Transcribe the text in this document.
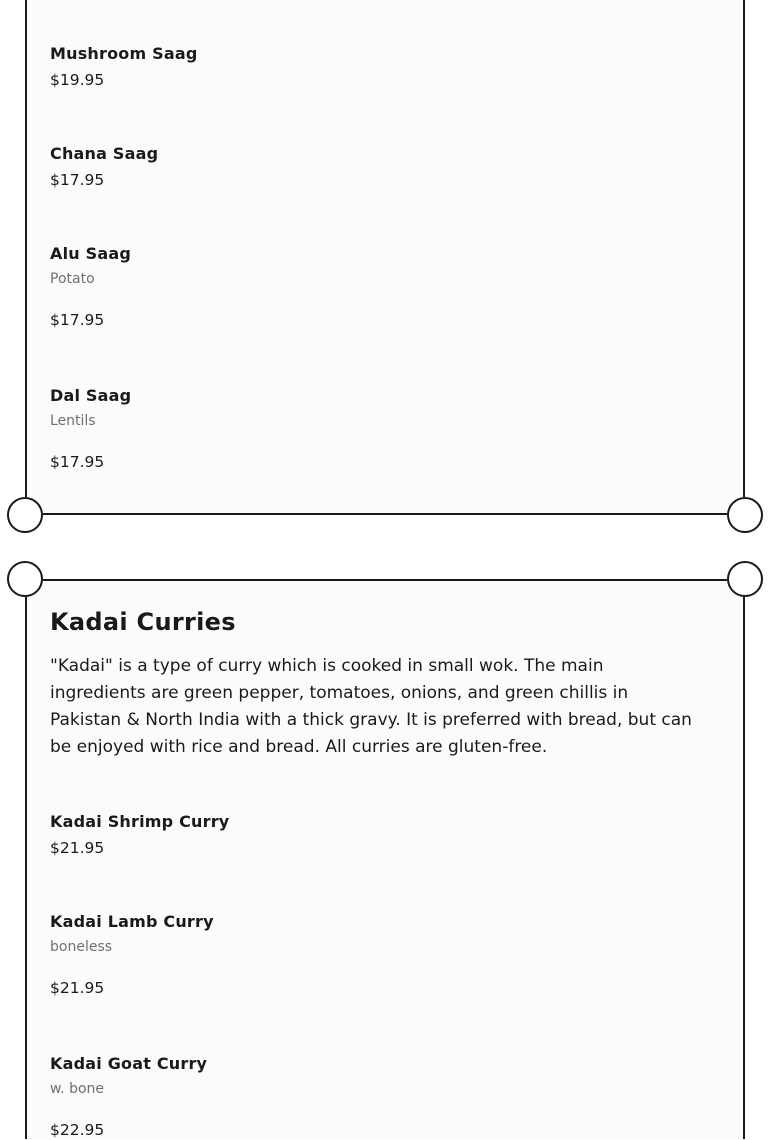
Mushroom Saag
$19.95
Chana Saag
$17.95
Alu Saag
Potato
$17.95
Dal Saag
Lentils
$17.95
Kadai Curries
"Kadai" is a type of curry which is cooked in small wok. The main ingredients are green pepper, tomatoes, onions, and green chillis in Pakistan & North India with a thick gravy. It is preferred with bread, but can be enjoyed with rice and bread. All curries are gluten-free.
Kadai Shrimp Curry
$21.95
Kadai Lamb Curry
boneless
$21.95
Kadai Goat Curry
w. bone
$22.95
